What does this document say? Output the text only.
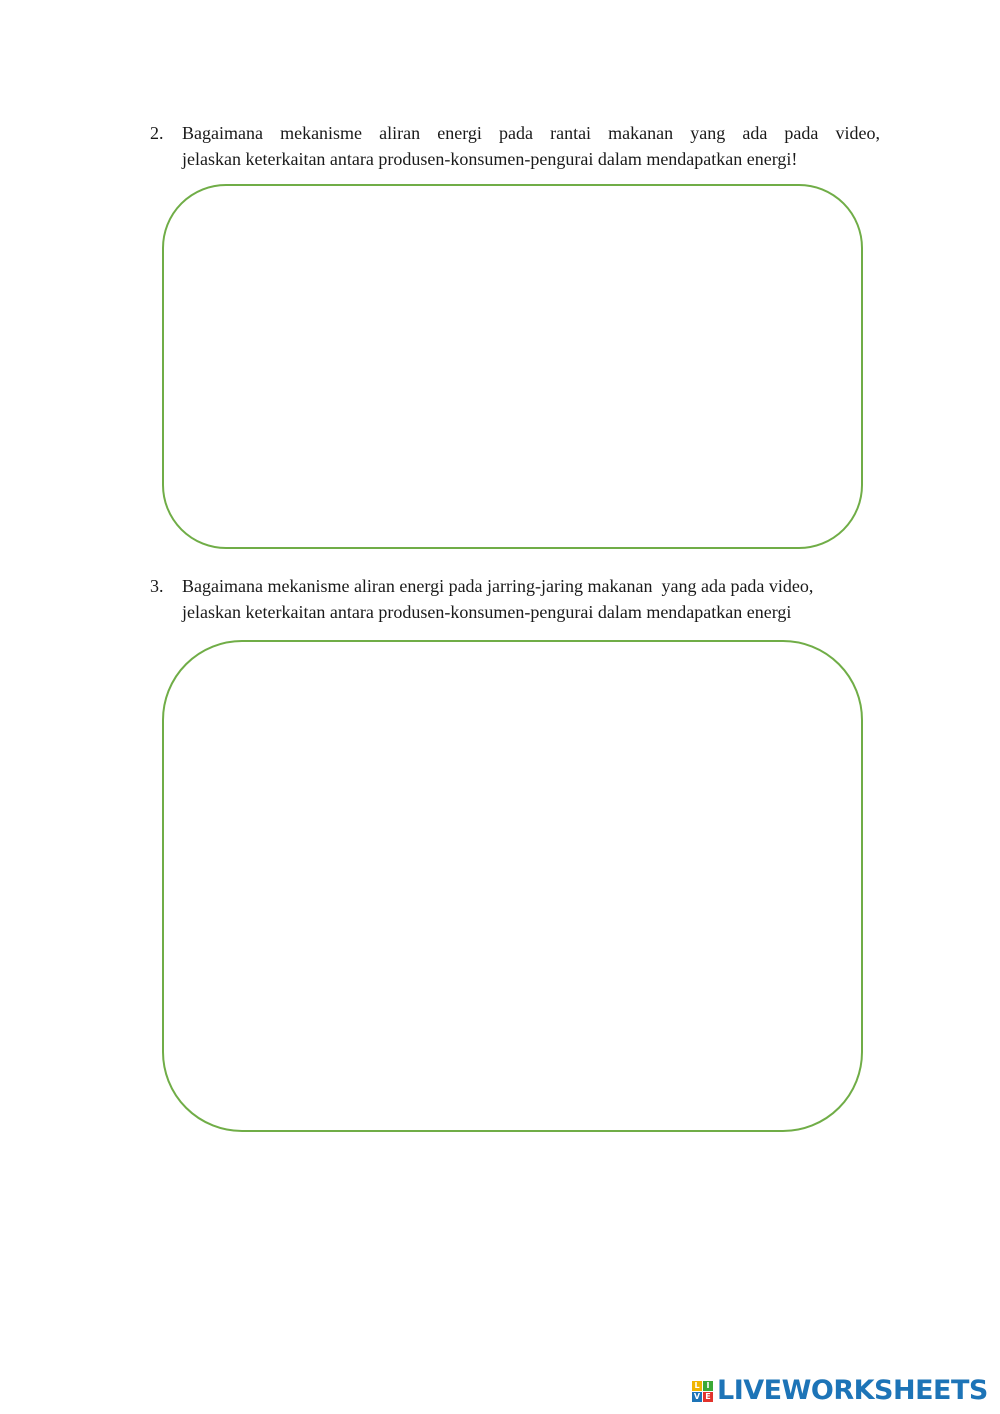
2.	Bagaimana mekanisme aliran energi pada rantai makanan yang ada pada video,
jelaskan keterkaitan antara produsen-konsumen-pengurai dalam mendapatkan energi!
3.	Bagaimana mekanisme aliran energi pada jarring-jaring makanan  yang ada pada video,
jelaskan keterkaitan antara produsen-konsumen-pengurai dalam mendapatkan energi
L I
V E LIVEWORKSHEETS
